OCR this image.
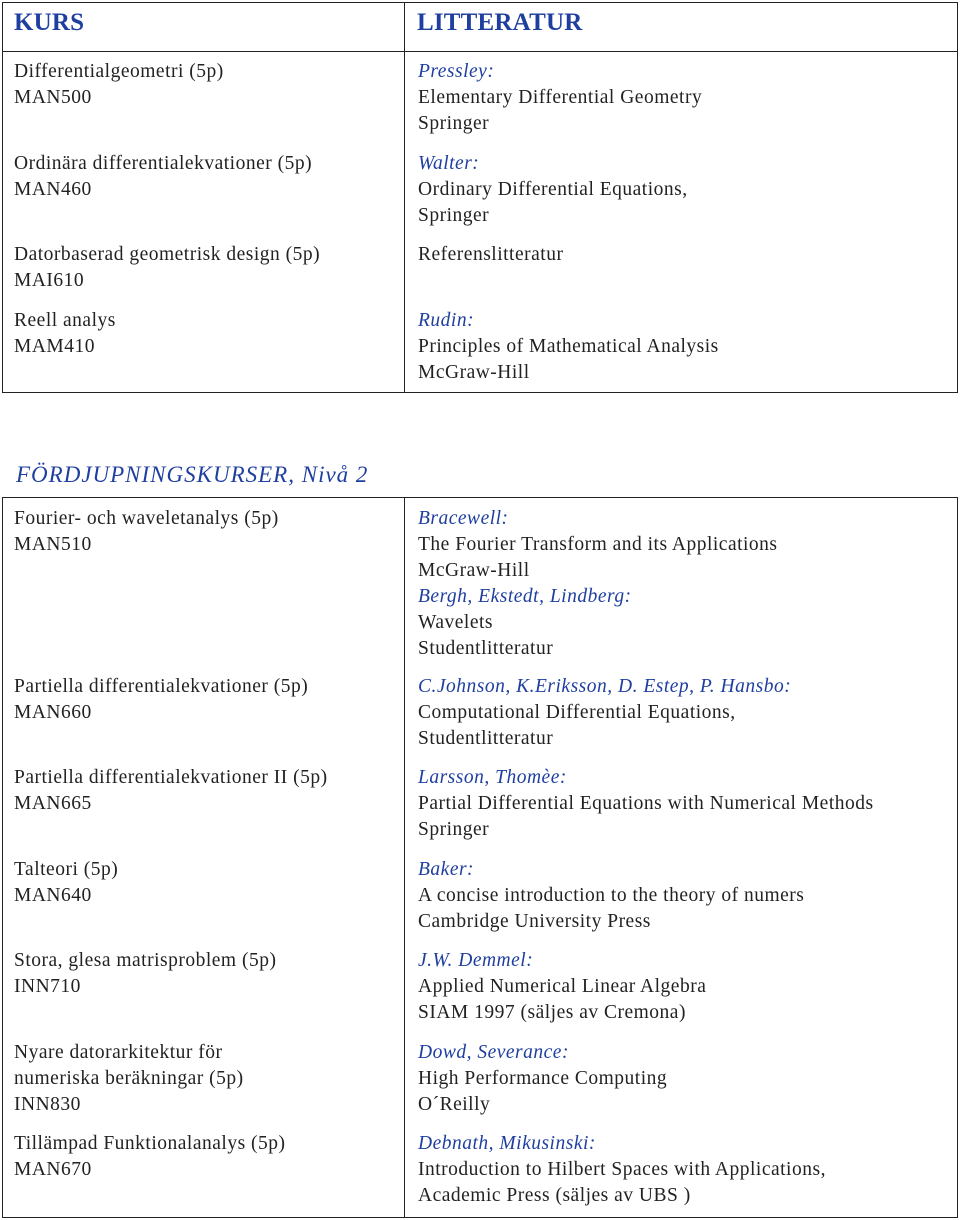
KURS	LITTERATUR
Differentialgeometri (5p)
MAN500
Pressley:
Elementary Differential Geometry
Springer
Ordinära differentialekvationer (5p)
MAN460
Walter:
Ordinary Differential Equations,
Springer
Datorbaserad geometrisk design (5p)
MAI610
Referenslitteratur
Reell analys
MAM410
Rudin:
Principles of Mathematical Analysis
McGraw-Hill
FÖRDJUPNINGSKURSER, Nivå 2
Fourier- och waveletanalys (5p)
MAN510
Bracewell:
The Fourier Transform and its Applications
McGraw-Hill
Bergh, Ekstedt, Lindberg:
Wavelets
Studentlitteratur
Partiella differentialekvationer (5p)
MAN660
C.Johnson, K.Eriksson, D. Estep, P. Hansbo:
Computational Differential Equations,
Studentlitteratur
Partiella differentialekvationer II (5p)
MAN665
Larsson, Thomèe:
Partial Differential Equations with Numerical Methods
Springer
Talteori (5p)
MAN640
Baker:
A concise introduction to the theory of numers
Cambridge University Press
Stora, glesa matrisproblem (5p)
INN710
J.W. Demmel:
Applied Numerical Linear Algebra
SIAM 1997 (säljes av Cremona)
Nyare datorarkitektur för
numeriska beräkningar (5p)
INN830
Dowd, Severance:
High Performance Computing
O´Reilly
Tillämpad Funktionalanalys (5p)
MAN670
Debnath, Mikusinski:
Introduction to Hilbert Spaces with Applications,
Academic Press (säljes av UBS )
